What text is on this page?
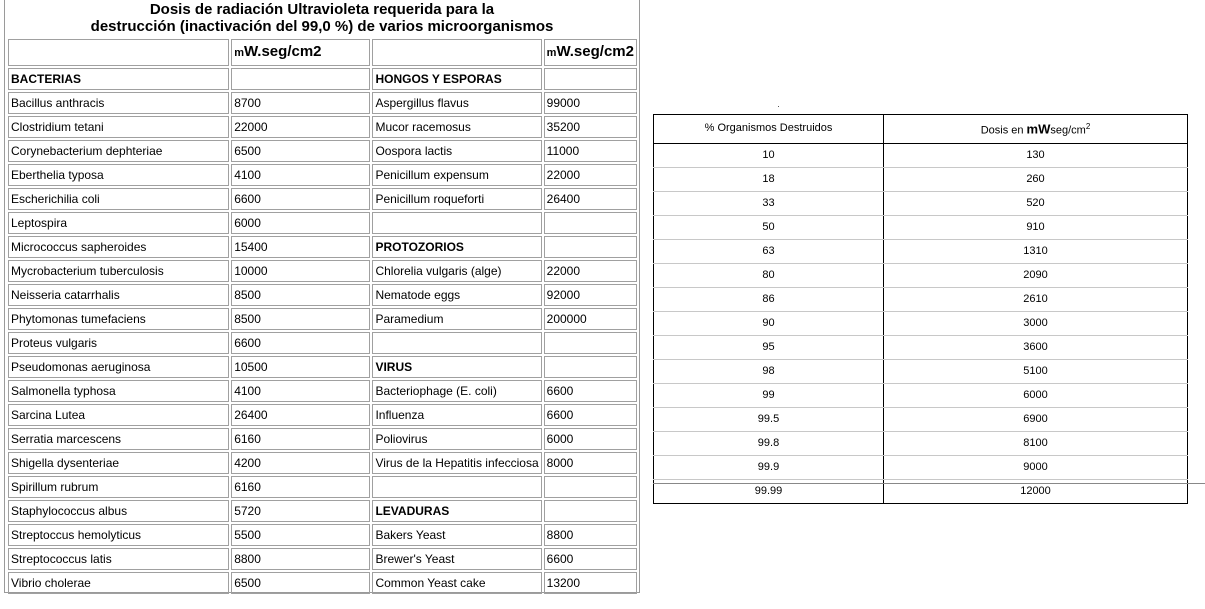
Dosis de radiación Ultravioleta requerida para la
destrucción (inactivación del 99,0 %) de varios microorganismos
	mW.seg/cm2		mW.seg/cm2
BACTERIAS		HONGOS Y ESPORAS	
Bacillus anthracis	8700	Aspergillus flavus	99000
Clostridium tetani	22000	Mucor racemosus	35200
Corynebacterium dephteriae	6500	Oospora lactis	11000
Eberthelia typosa	4100	Penicillum expensum	22000
Escherichilia coli	6600	Penicillum roqueforti	26400
Leptospira	6000		
Micrococcus sapheroides	15400	PROTOZORIOS	
Mycrobacterium tuberculosis	10000	Chlorelia vulgaris (alge)	22000
Neisseria catarrhalis	8500	Nematode eggs	92000
Phytomonas tumefaciens	8500	Paramedium	200000
Proteus vulgaris	6600		
Pseudomonas aeruginosa	10500	VIRUS	
Salmonella typhosa	4100	Bacteriophage (E. coli)	6600
Sarcina Lutea	26400	Influenza	6600
Serratia marcescens	6160	Poliovirus	6000
Shigella dysenteriae	4200	Virus de la Hepatitis infecciosa	8000
Spirillum rubrum	6160		
Staphylococcus albus	5720	LEVADURAS	
Streptoccus hemolyticus	5500	Bakers Yeast	8800
Streptococcus latis	8800	Brewer's Yeast	6600
Vibrio cholerae	6500	Common Yeast cake	13200
% Organismos Destruidos	Dosis en mWseg/$cm^2$
10	130
18	260
33	520
50	910
63	1310
80	2090
86	2610
90	3000
95	3600
98	5100
99	6000
99.5	6900
99.8	8100
99.9	9000
99.99	12000
